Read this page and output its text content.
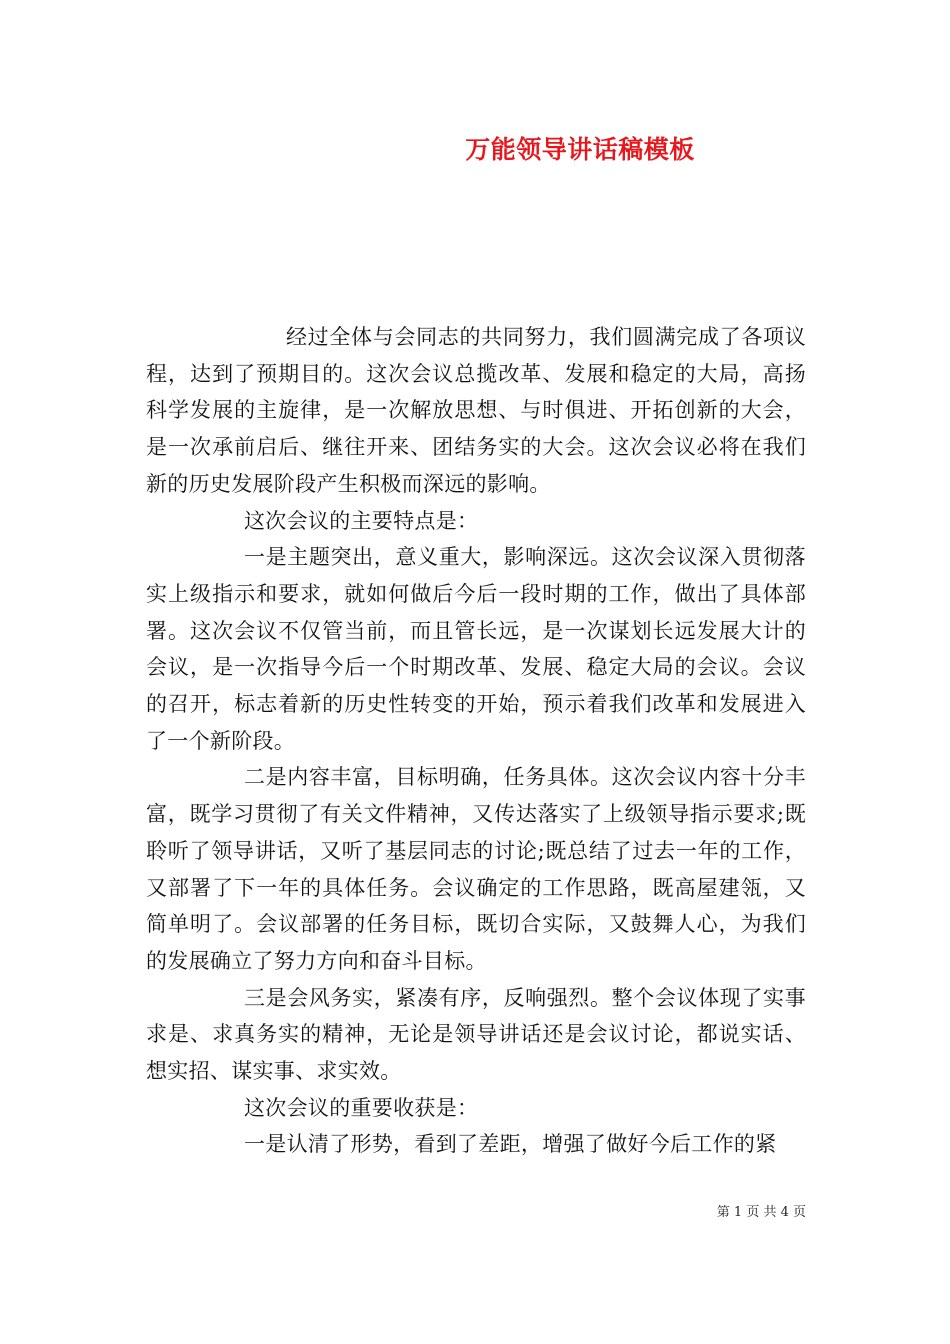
万能领导讲话稿模板

经过全体与会同志的共同努力，我们圆满完成了各项议程，达到了预期目的。这次会议总揽改革、发展和稳定的大局，高扬科学发展的主旋律，是一次解放思想、与时俱进、开拓创新的大会，是一次承前启后、继往开来、团结务实的大会。这次会议必将在我们新的历史发展阶段产生积极而深远的影响。

这次会议的主要特点是：

一是主题突出，意义重大，影响深远。这次会议深入贯彻落实上级指示和要求，就如何做后今后一段时期的工作，做出了具体部署。这次会议不仅管当前，而且管长远，是一次谋划长远发展大计的会议，是一次指导今后一个时期改革、发展、稳定大局的会议。会议的召开，标志着新的历史性转变的开始，预示着我们改革和发展进入了一个新阶段。

二是内容丰富，目标明确，任务具体。这次会议内容十分丰富，既学习贯彻了有关文件精神，又传达落实了上级领导指示要求;既聆听了领导讲话，又听了基层同志的讨论;既总结了过去一年的工作，又部署了下一年的具体任务。会议确定的工作思路，既高屋建瓴，又简单明了。会议部署的任务目标，既切合实际，又鼓舞人心，为我们的发展确立了努力方向和奋斗目标。

三是会风务实，紧凑有序，反响强烈。整个会议体现了实事求是、求真务实的精神，无论是领导讲话还是会议讨论，都说实话、想实招、谋实事、求实效。

这次会议的重要收获是：

一是认清了形势，看到了差距，增强了做好今后工作的紧

第 1 页 共 4 页
